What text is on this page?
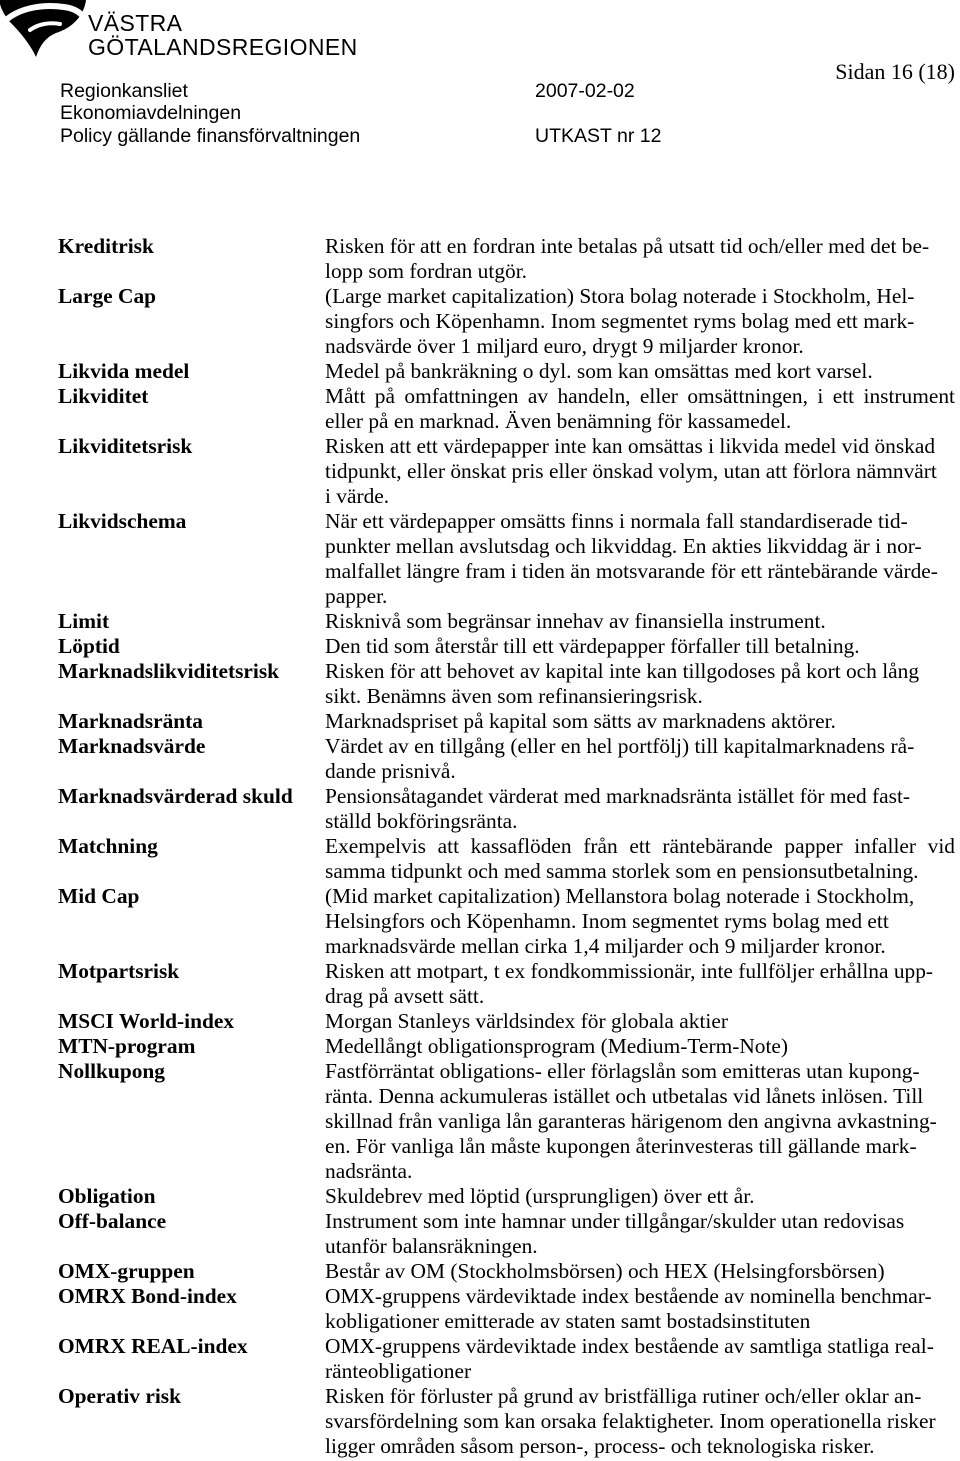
VÄSTRA
GÖTALANDSREGIONEN
Sidan 16 (18)
Regionkansliet	2007-02-02
Ekonomiavdelningen
Policy gällande finansförvaltningen	UTKAST nr 12
Kreditrisk	Risken för att en fordran inte betalas på utsatt tid och/eller med det be-
lopp som fordran utgör.
Large Cap	(Large market capitalization) Stora bolag noterade i Stockholm, Hel-
singfors och Köpenhamn. Inom segmentet ryms bolag med ett mark-
nadsvärde över 1 miljard euro, drygt 9 miljarder kronor.
Likvida medel	Medel på bankräkning o dyl. som kan omsättas med kort varsel.
Likviditet	Mått på omfattningen av handeln, eller omsättningen, i ett instrument
eller på en marknad. Även benämning för kassamedel.
Likviditetsrisk	Risken att ett värdepapper inte kan omsättas i likvida medel vid önskad
tidpunkt, eller önskat pris eller önskad volym, utan att förlora nämnvärt
i värde.
Likvidschema	När ett värdepapper omsätts finns i normala fall standardiserade tid-
punkter mellan avslutsdag och likviddag. En akties likviddag är i nor-
malfallet längre fram i tiden än motsvarande för ett räntebärande värde-
papper.
Limit	Risknivå som begränsar innehav av finansiella instrument.
Löptid	Den tid som återstår till ett värdepapper förfaller till betalning.
Marknadslikviditetsrisk	Risken för att behovet av kapital inte kan tillgodoses på kort och lång
sikt. Benämns även som refinansieringsrisk.
Marknadsränta	Marknadspriset på kapital som sätts av marknadens aktörer.
Marknadsvärde	Värdet av en tillgång (eller en hel portfölj) till kapitalmarknadens rå-
dande prisnivå.
Marknadsvärderad skuld	Pensionsåtagandet värderat med marknadsränta istället för med fast-
ställd bokföringsränta.
Matchning	Exempelvis att kassaflöden från ett räntebärande papper infaller vid
samma tidpunkt och med samma storlek som en pensionsutbetalning.
Mid Cap	(Mid market capitalization) Mellanstora bolag noterade i Stockholm,
Helsingfors och Köpenhamn. Inom segmentet ryms bolag med ett
marknadsvärde mellan cirka 1,4 miljarder och 9 miljarder kronor.
Motpartsrisk	Risken att motpart, t ex fondkommissionär, inte fullföljer erhållna upp-
drag på avsett sätt.
MSCI World-index	Morgan Stanleys världsindex för globala aktier
MTN-program	Medellångt obligationsprogram (Medium-Term-Note)
Nollkupong	Fastförräntat obligations- eller förlagslån som emitteras utan kupong-
ränta. Denna ackumuleras istället och utbetalas vid lånets inlösen. Till
skillnad från vanliga lån garanteras härigenom den angivna avkastning-
en. För vanliga lån måste kupongen återinvesteras till gällande mark-
nadsränta.
Obligation	Skuldebrev med löptid (ursprungligen) över ett år.
Off-balance	Instrument som inte hamnar under tillgångar/skulder utan redovisas
utanför balansräkningen.
OMX-gruppen	Består av OM (Stockholmsbörsen) och HEX (Helsingforsbörsen)
OMRX Bond-index	OMX-gruppens värdeviktade index bestående av nominella benchmar-
kobligationer emitterade av staten samt bostadsinstituten
OMRX REAL-index	OMX-gruppens värdeviktade index bestående av samtliga statliga real-
ränteobligationer
Operativ risk	Risken för förluster på grund av bristfälliga rutiner och/eller oklar an-
svarsfördelning som kan orsaka felaktigheter. Inom operationella risker
ligger områden såsom person-, process- och teknologiska risker.
